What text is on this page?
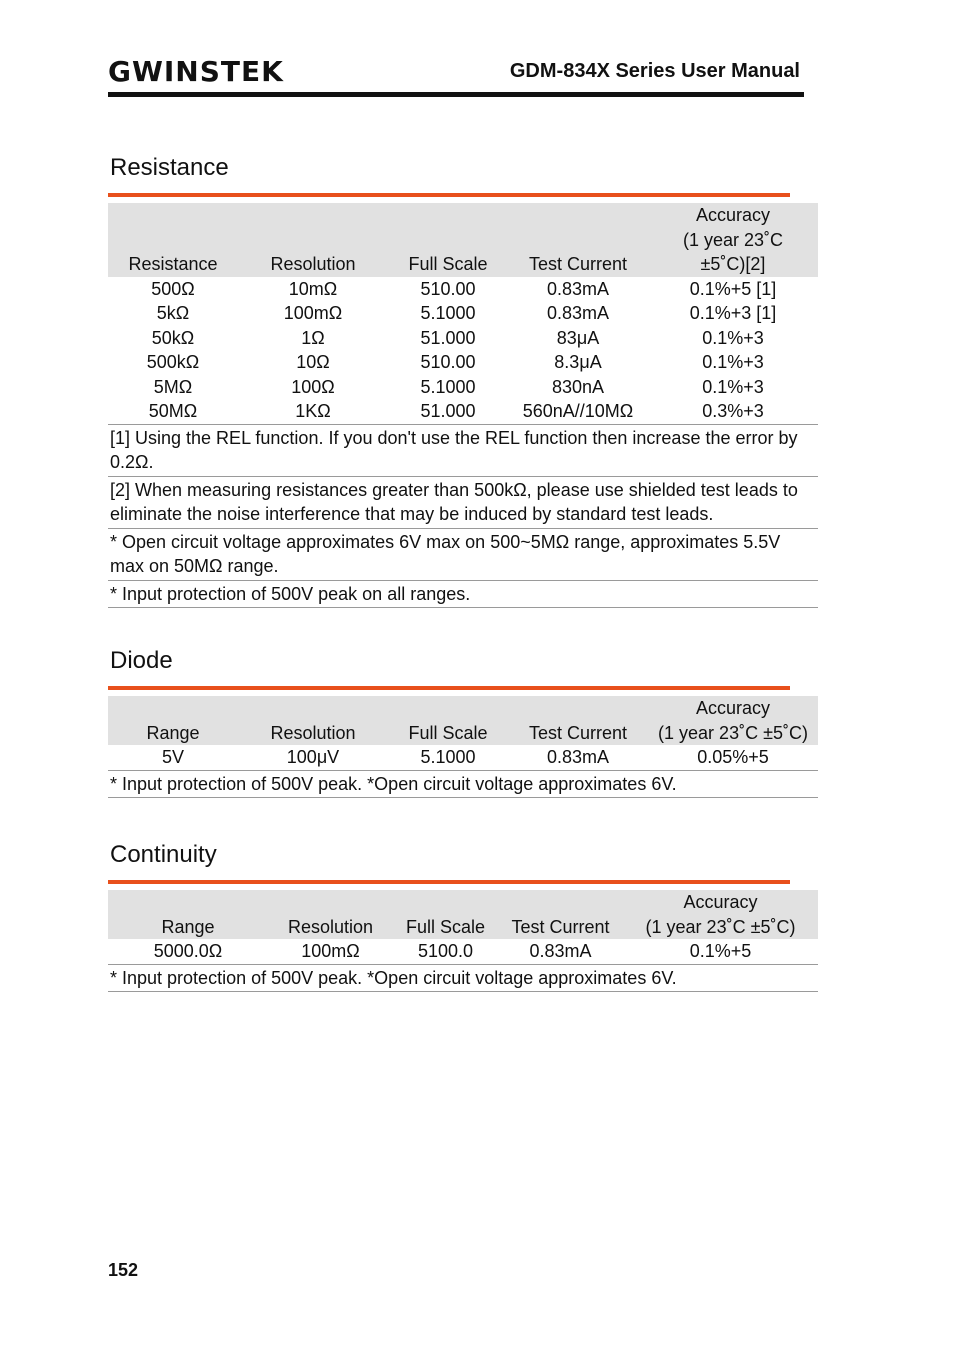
GWINSTEK	GDM-834X Series User Manual
Resistance
Resistance	Resolution	Full Scale	Test Current	Accuracy
(1 year 23˚C
±5˚C)[2]
500Ω	10mΩ	510.00	0.83mA	0.1%+5 [1]
5kΩ	100mΩ	5.1000	0.83mA	0.1%+3 [1]
50kΩ	1Ω	51.000	83μA	0.1%+3
500kΩ	10Ω	510.00	8.3μA	0.1%+3
5MΩ	100Ω	5.1000	830nA	0.1%+3
50MΩ	1KΩ	51.000	560nA//10MΩ	0.3%+3
[1] Using the REL function. If you don't use the REL function then increase the error by 0.2Ω.				
[2] When measuring resistances greater than 500kΩ, please use shielded test leads to eliminate the noise interference that may be induced by standard test leads.				
* Open circuit voltage approximates 6V max on 500~5MΩ range, approximates 5.5V max on 50MΩ range.				
* Input protection of 500V peak on all ranges.				
Diode
Range	Resolution	Full Scale	Test Current	Accuracy
(1 year 23˚C ±5˚C)
5V	100μV	5.1000	0.83mA	0.05%+5
* Input protection of 500V peak. *Open circuit voltage approximates 6V.				
Continuity
Range	Resolution	Full Scale	Test Current	Accuracy
(1 year 23˚C ±5˚C)
5000.0Ω	100mΩ	5100.0	0.83mA	0.1%+5
* Input protection of 500V peak. *Open circuit voltage approximates 6V.				
152
